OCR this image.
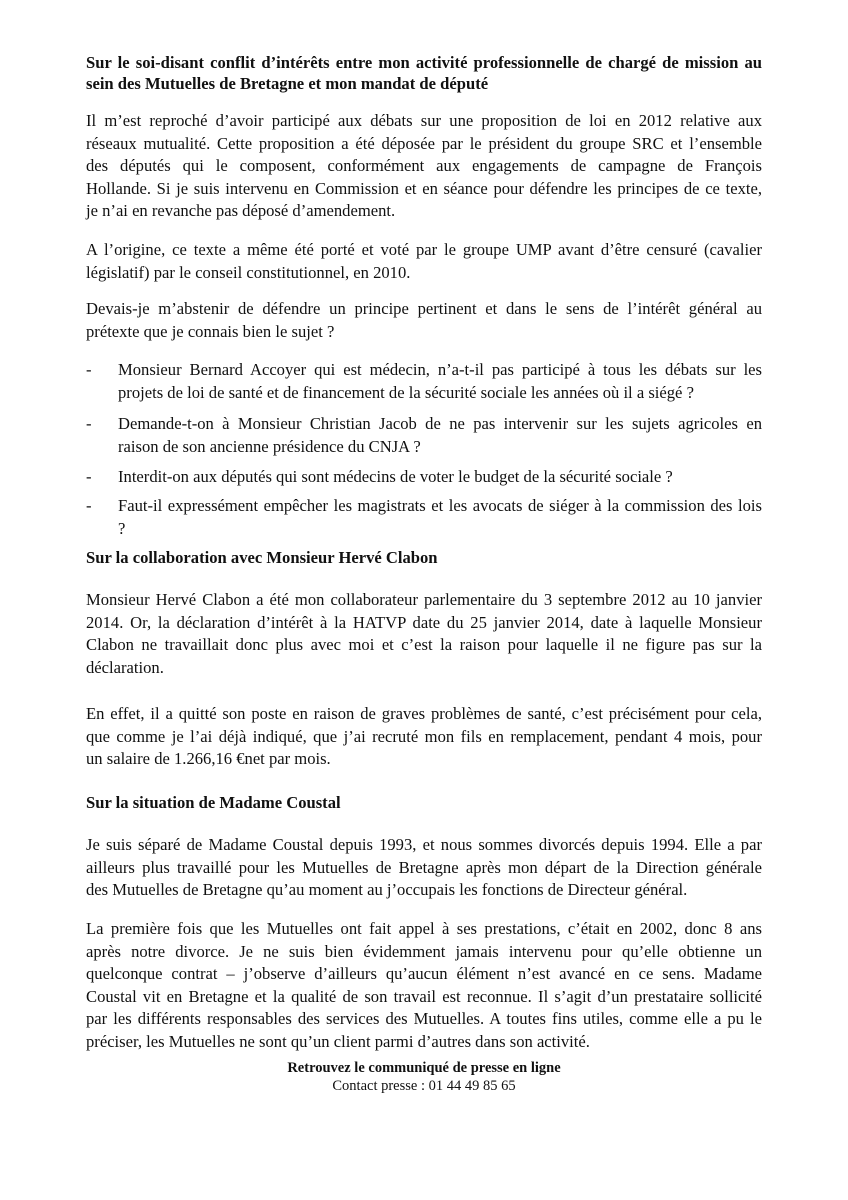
Sur le soi-disant conflit d’intérêts entre mon activité professionnelle de chargé de mission au
sein des Mutuelles de Bretagne et mon mandat de député
Il m’est reproché d’avoir participé aux débats sur une proposition de loi en 2012 relative aux
réseaux mutualité. Cette proposition a été déposée par le président du groupe SRC et l’ensemble
des députés qui le composent, conformément aux engagements de campagne de François
Hollande. Si je suis intervenu en Commission et en séance pour défendre les principes de ce texte,
je n’ai en revanche pas déposé d’amendement.
A l’origine, ce texte a même été porté et voté par le groupe UMP avant d’être censuré (cavalier
législatif) par le conseil constitutionnel, en 2010.
Devais-je m’abstenir de défendre un principe pertinent et dans le sens de l’intérêt général au
prétexte que je connais bien le sujet ?
- Monsieur Bernard Accoyer qui est médecin, n’a-t-il pas participé à tous les débats sur les
projets de loi de santé et de financement de la sécurité sociale les années où il a siégé ?
- Demande-t-on à Monsieur Christian Jacob de ne pas intervenir sur les sujets agricoles en
raison de son ancienne présidence du CNJA ?
- Interdit-on aux députés qui sont médecins de voter le budget de la sécurité sociale ?
- Faut-il expressément empêcher les magistrats et les avocats de siéger à la commission des lois
?
Sur la collaboration avec Monsieur Hervé Clabon
Monsieur Hervé Clabon a été mon collaborateur parlementaire du 3 septembre 2012 au 10 janvier
2014. Or, la déclaration d’intérêt à la HATVP date du 25 janvier 2014, date à laquelle Monsieur
Clabon ne travaillait donc plus avec moi et c’est la raison pour laquelle il ne figure pas sur la
déclaration.
En effet, il a quitté son poste en raison de graves problèmes de santé, c’est précisément pour cela,
que comme je l’ai déjà indiqué, que j’ai recruté mon fils en remplacement, pendant 4 mois, pour
un salaire de 1.266,16 €net par mois.
Sur la situation de Madame Coustal
Je suis séparé de Madame Coustal depuis 1993, et nous sommes divorcés depuis 1994. Elle a par
ailleurs plus travaillé pour les Mutuelles de Bretagne après mon départ de la Direction générale
des Mutuelles de Bretagne qu’au moment au j’occupais les fonctions de Directeur général.
La première fois que les Mutuelles ont fait appel à ses prestations, c’était en 2002, donc 8 ans
après notre divorce. Je ne suis bien évidemment jamais intervenu pour qu’elle obtienne un
quelconque contrat – j’observe d’ailleurs qu’aucun élément n’est avancé en ce sens. Madame
Coustal vit en Bretagne et la qualité de son travail est reconnue. Il s’agit d’un prestataire sollicité
par les différents responsables des services des Mutuelles. A toutes fins utiles, comme elle a pu le
préciser, les Mutuelles ne sont qu’un client parmi d’autres dans son activité.
Retrouvez le communiqué de presse en ligne
Contact presse : 01 44 49 85 65
